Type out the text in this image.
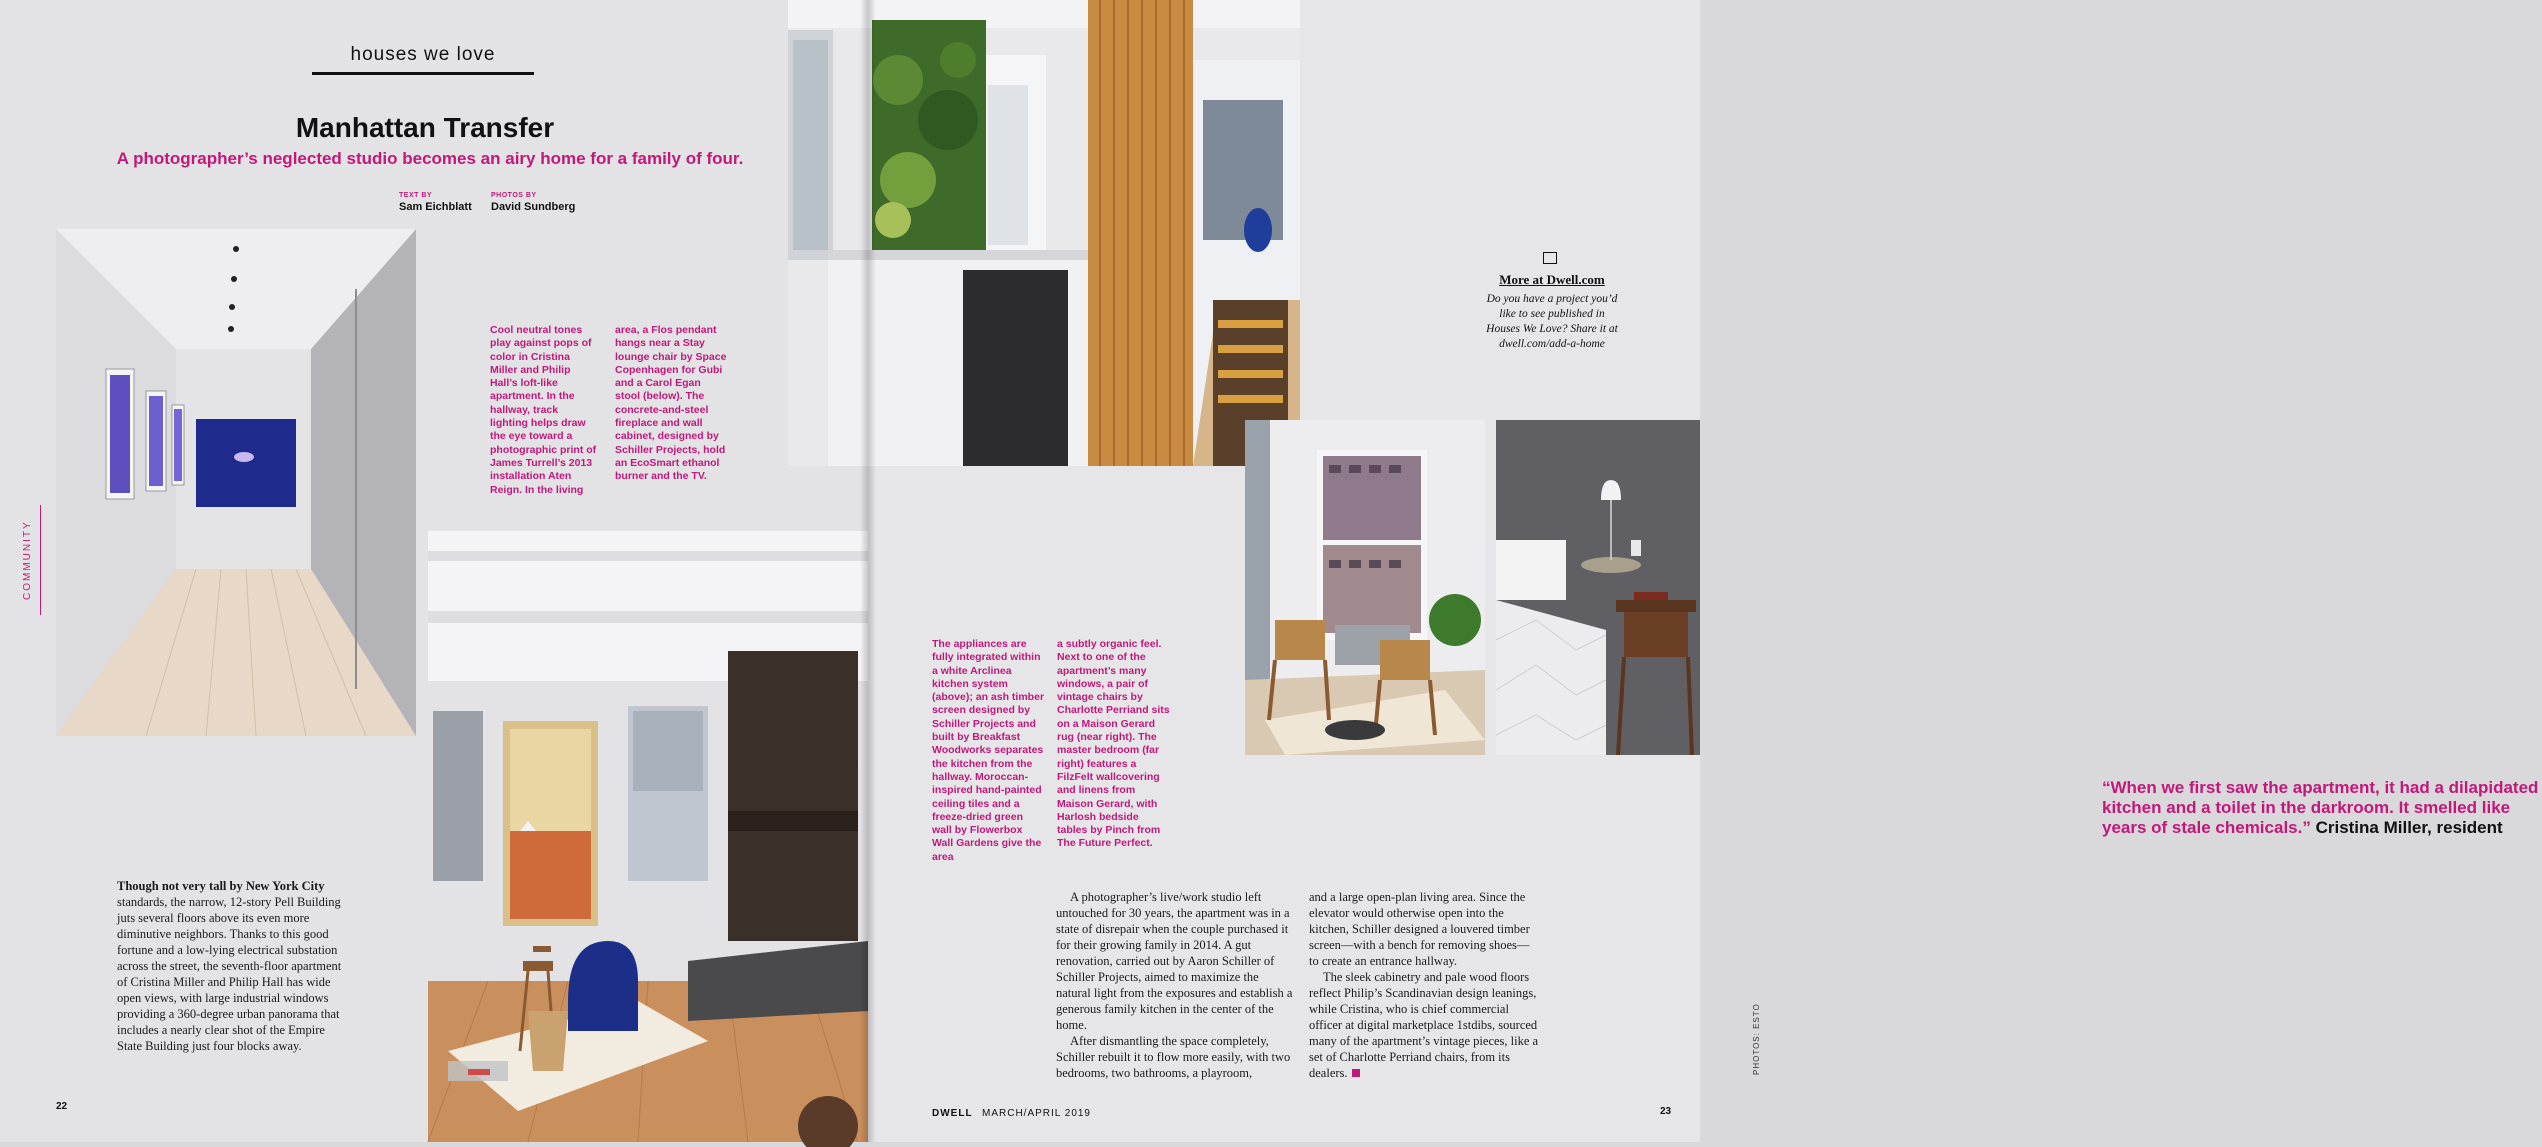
houses we love
Manhattan Transfer
A photographer’s neglected studio becomes an airy home for a family of four.
TEXT BY
Sam Eichblatt
PHOTOS BY
David Sundberg
COMMUNITY
Cool neutral tones play against pops of color in Cristina Miller and Philip Hall’s loft-like apartment. In the hallway, track lighting helps draw the eye toward a photographic print of James Turrell’s 2013 installation Aten Reign. In the living
area, a Flos pendant hangs near a Stay lounge chair by Space Copenhagen for Gubi and a Carol Egan stool (below). The concrete-and-steel fireplace and wall cabinet, designed by Schiller Projects, hold an EcoSmart ethanol burner and the TV.

Though not very tall by New York City standards, the narrow, 12-story Pell Building juts several floors above its even more diminutive neighbors. Thanks to this good fortune and a low-lying electrical substation across the street, the seventh-floor apartment of Cristina Miller and Philip Hall has wide open views, with large industrial windows providing a 360-degree urban panorama that includes a nearly clear shot of the Empire State Building just four blocks away.

22
More at Dwell.com
Do you have a project you’d like to see published in Houses We Love? Share it at dwell.com/add-a-home
The appliances are fully integrated within a white Arclinea kitchen system (above); an ash timber screen designed by Schiller Projects and built by Breakfast Woodworks separates the kitchen from the hallway. Moroccan-inspired hand-painted ceiling tiles and a freeze-dried green wall by Flowerbox Wall Gardens give the area
a subtly organic feel. Next to one of the apartment’s many windows, a pair of vintage chairs by Charlotte Perriand sits on a Maison Gerard rug (near right). The master bedroom (far right) features a FilzFelt wallcovering and linens from Maison Gerard, with Harlosh bedside tables by Pinch from The Future Perfect.
“When we first saw the apartment, it had a dilapidated kitchen and a toilet in the darkroom. It smelled like years of stale chemicals.” Cristina Miller, resident

A photographer’s live/work studio left untouched for 30 years, the apartment was in a state of disrepair when the couple purchased it for their growing family in 2014. A gut renovation, carried out by Aaron Schiller of Schiller Projects, aimed to maximize the natural light from the exposures and establish a generous family kitchen in the center of the home.

After dismantling the space completely, Schiller rebuilt it to flow more easily, with two bedrooms, two bathrooms, a playroom,

and a large open-plan living area. Since the elevator would otherwise open into the kitchen, Schiller designed a louvered timber screen—with a bench for removing shoes—to create an entrance hallway.

The sleek cabinetry and pale wood floors reflect Philip’s Scandinavian design leanings, while Cristina, who is chief commercial officer at digital marketplace 1stdibs, sourced many of the apartment’s vintage pieces, like a set of Charlotte Perriand chairs, from its dealers.	PHOTOS: ESTO
DWELL MARCH/APRIL 2019	23
